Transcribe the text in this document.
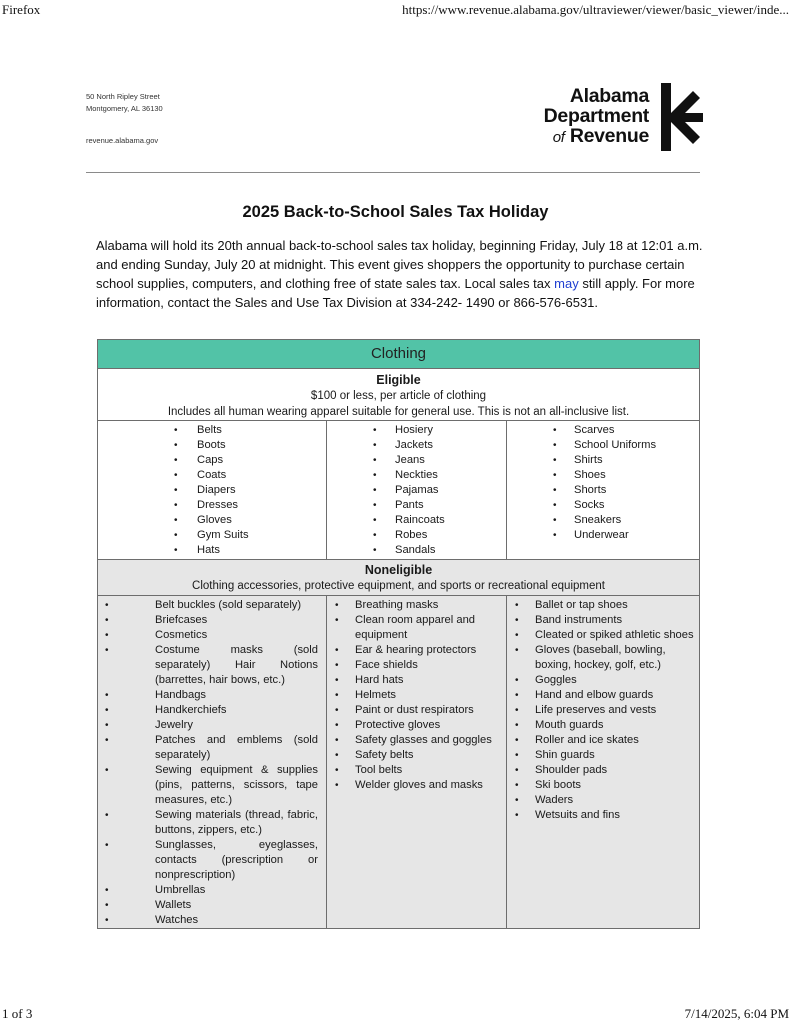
Firefox	https://www.revenue.alabama.gov/ultraviewer/viewer/basic_viewer/inde...
50 North Ripley Street
Montgomery, AL 36130
revenue.alabama.gov
Alabama
Department
of Revenue
2025 Back-to-School Sales Tax Holiday

Alabama will hold its 20th annual back-to-school sales tax holiday, beginning Friday, July 18 at 12:01 a.m. and ending Sunday, July 20 at midnight. This event gives shoppers the opportunity to purchase certain school supplies, computers, and clothing free of state sales tax. Local sales tax may still apply. For more information, contact the Sales and Use Tax Division at 334-242- 1490 or 866-576-6531.

Clothing		

Eligible
$100 or less, per article of clothing
Includes all human wearing apparel suitable for general use. This is not an all-inclusive list.		

• Belts
• Boots
• Caps
• Coats
• Diapers
• Dresses
• Gloves
• Gym Suits
• Hats

• Hosiery
• Jackets
• Jeans
• Neckties
• Pajamas
• Pants
• Raincoats
• Robes
• Sandals

• Scarves
• School Uniforms
• Shirts
• Shoes
• Shorts
• Socks
• Sneakers
• Underwear

Noneligible
Clothing accessories, protective equipment, and sports or recreational equipment		

• Belt buckles (sold separately)
• Briefcases
• Cosmetics
• Costume masks (sold separately) Hair Notions (barrettes, hair bows, etc.)
• Handbags
• Handkerchiefs
• Jewelry
• Patches and emblems (sold separately)
• Sewing equipment & supplies (pins, patterns, scissors, tape measures, etc.)
• Sewing materials (thread, fabric, buttons, zippers, etc.)
• Sunglasses, eyeglasses, contacts (prescription or nonprescription)
• Umbrellas
• Wallets
• Watches

• Breathing masks
• Clean room apparel and equipment
• Ear & hearing protectors
• Face shields
• Hard hats
• Helmets
• Paint or dust respirators
• Protective gloves
• Safety glasses and goggles
• Safety belts
• Tool belts
• Welder gloves and masks

• Ballet or tap shoes
• Band instruments
• Cleated or spiked athletic shoes
• Gloves (baseball, bowling, boxing, hockey, golf, etc.)
• Goggles
• Hand and elbow guards
• Life preserves and vests
• Mouth guards
• Roller and ice skates
• Shin guards
• Shoulder pads
• Ski boots
• Waders
• Wetsuits and fins
1 of 3	7/14/2025, 6:04 PM
